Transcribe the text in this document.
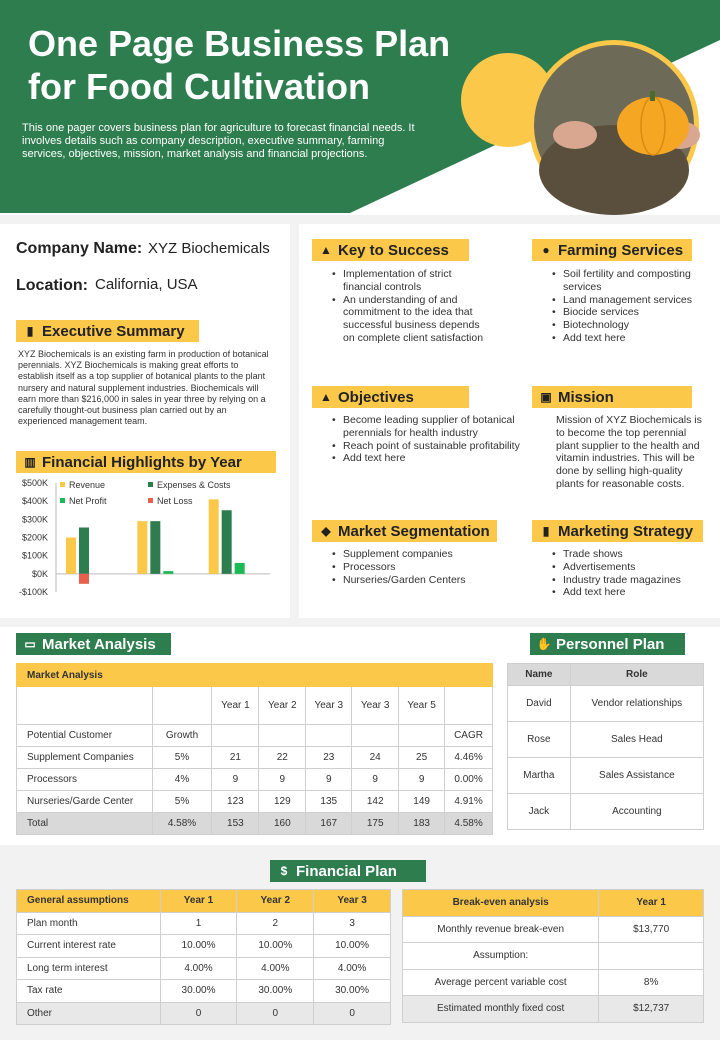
One Page Business Plan for Food Cultivation

This one pager covers business plan for agriculture to forecast financial needs. It involves details such as company description, executive summary, farming services, objectives, mission, market analysis and financial projections.

Company Name: XYZ Biochemicals
Location: California, USA
▮ Executive Summary
XYZ Biochemicals is an existing farm in production of botanical perennials. XYZ Biochemicals is making great efforts to establish itself as a top supplier of botanical plants to the plant nursery and natural supplement industries. Biochemicals will earn more than $216,000 in sales in year three by relying on a carefully thought-out business plan carried out by an experienced management team.
▥ Financial Highlights by Year
$500K
$400K
$300K
$200K
$100K
$0K
-$100K
Revenue	Expenses & Costs
Net Profit	Net Loss
▲ Key to Success
• Implementation of strict financial controls
• An understanding of and commitment to the idea that successful business depends on complete client satisfaction
● Farming Services
• Soil fertility and composting services
• Land management services
• Biocide services
• Biotechnology
• Add text here
▲ Objectives
• Become leading supplier of botanical perennials for health industry
• Reach point of sustainable profitability
• Add text here
▣ Mission
Mission of XYZ Biochemicals is to become the top perennial plant supplier to the health and vitamin industries. This will be done by selling high-quality plants for reasonable costs.
◆ Market Segmentation
• Supplement companies
• Processors
• Nurseries/Garden Centers
▮ Marketing Strategy
• Trade shows
• Advertisements
• Industry trade magazines
• Add text here
▭ Market Analysis
Market Analysis							
		Year 1	Year 2	Year 3	Year 3	Year 5	
Potential Customer	Growth						CAGR
Supplement Companies	5%	21	22	23	24	25	4.46%
Processors	4%	9	9	9	9	9	0.00%
Nurseries/Garde Center	5%	123	129	135	142	149	4.91%
Total	4.58%	153	160	167	175	183	4.58%
✋ Personnel Plan
Name	Role
David	Vendor relationships
Rose	Sales Head
Martha	Sales Assistance
Jack	Accounting
$ Financial Plan
General assumptions	Year 1	Year 2	Year 3
Plan month	1	2	3
Current interest rate	10.00%	10.00%	10.00%
Long term interest	4.00%	4.00%	4.00%
Tax rate	30.00%	30.00%	30.00%
Other	0	0	0
Break-even analysis	Year 1
Monthly revenue break-even	$13,770
Assumption:	
Average percent variable cost	8%
Estimated monthly fixed cost	$12,737
